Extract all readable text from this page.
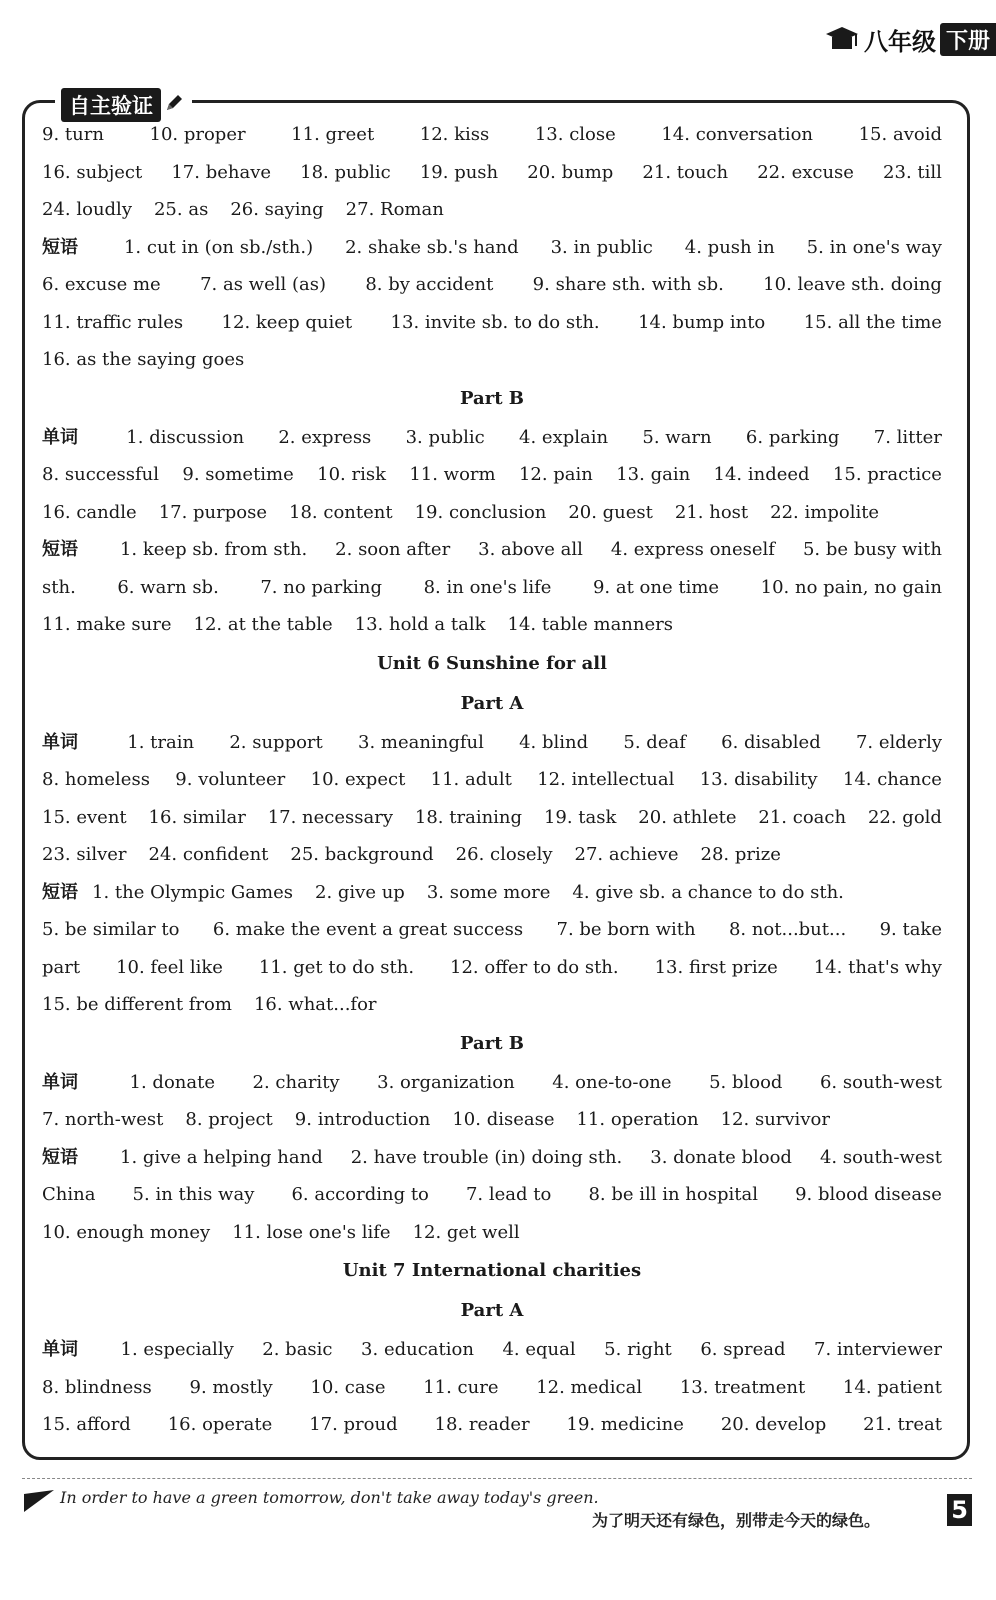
八年级 下册
自主验证
9. turn	10. proper	11. greet	12. kiss	13. close	14. conversation	15. avoid
16. subject 17. behave 18. public 19. push 20. bump 21. touch 22. excuse 23. till
24. loudly 25. as 26. saying 27. Roman
短语	1. cut in (on sb./sth.) 2. shake sb.'s hand 3. in public 4. push in 5. in one's way
6. excuse me 7. as well (as) 8. by accident 9. share sth. with sb. 10. leave sth. doing
11. traffic rules 12. keep quiet 13. invite sb. to do sth. 14. bump into 15. all the time
16. as the saying goes
Part B
单词	1. discussion 2. express 3. public 4. explain 5. warn 6. parking 7. litter
8. successful 9. sometime 10. risk 11. worm 12. pain 13. gain 14. indeed 15. practice
16. candle 17. purpose 18. content 19. conclusion 20. guest 21. host 22. impolite
短语 1. keep sb. from sth. 2. soon after 3. above all 4. express oneself 5. be busy with
sth. 6. warn sb. 7. no parking 8. in one's life 9. at one time 10. no pain, no gain
11. make sure 12. at the table 13. hold a talk 14. table manners
Unit 6 Sunshine for all
Part A
单词	1. train 2. support 3. meaningful 4. blind 5. deaf 6. disabled 7. elderly
8. homeless 9. volunteer 10. expect 11. adult 12. intellectual 13. disability 14. chance
15. event 16. similar 17. necessary 18. training 19. task 20. athlete 21. coach 22. gold
23. silver 24. confident 25. background 26. closely 27. achieve 28. prize
短语 1. the Olympic Games 2. give up 3. some more 4. give sb. a chance to do sth.
5. be similar to 6. make the event a great success 7. be born with 8. not...but... 9. take
part 10. feel like 11. get to do sth. 12. offer to do sth. 13. first prize 14. that's why
15. be different from 16. what...for
Part B
单词	1. donate 2. charity 3. organization 4. one-to-one 5. blood 6. south-west
7. north-west 8. project 9. introduction 10. disease 11. operation 12. survivor
短语 1. give a helping hand 2. have trouble (in) doing sth. 3. donate blood 4. south-west
China 5. in this way 6. according to 7. lead to 8. be ill in hospital 9. blood disease
10. enough money 11. lose one's life 12. get well
Unit 7 International charities
Part A
单词 1. especially 2. basic 3. education 4. equal 5. right 6. spread 7. interviewer
8. blindness 9. mostly 10. case 11. cure 12. medical 13. treatment 14. patient
15. afford 16. operate 17. proud 18. reader 19. medicine 20. develop 21. treat
In order to have a green tomorrow, don't take away today's green.
为了明天还有绿色，别带走今天的绿色。	5
